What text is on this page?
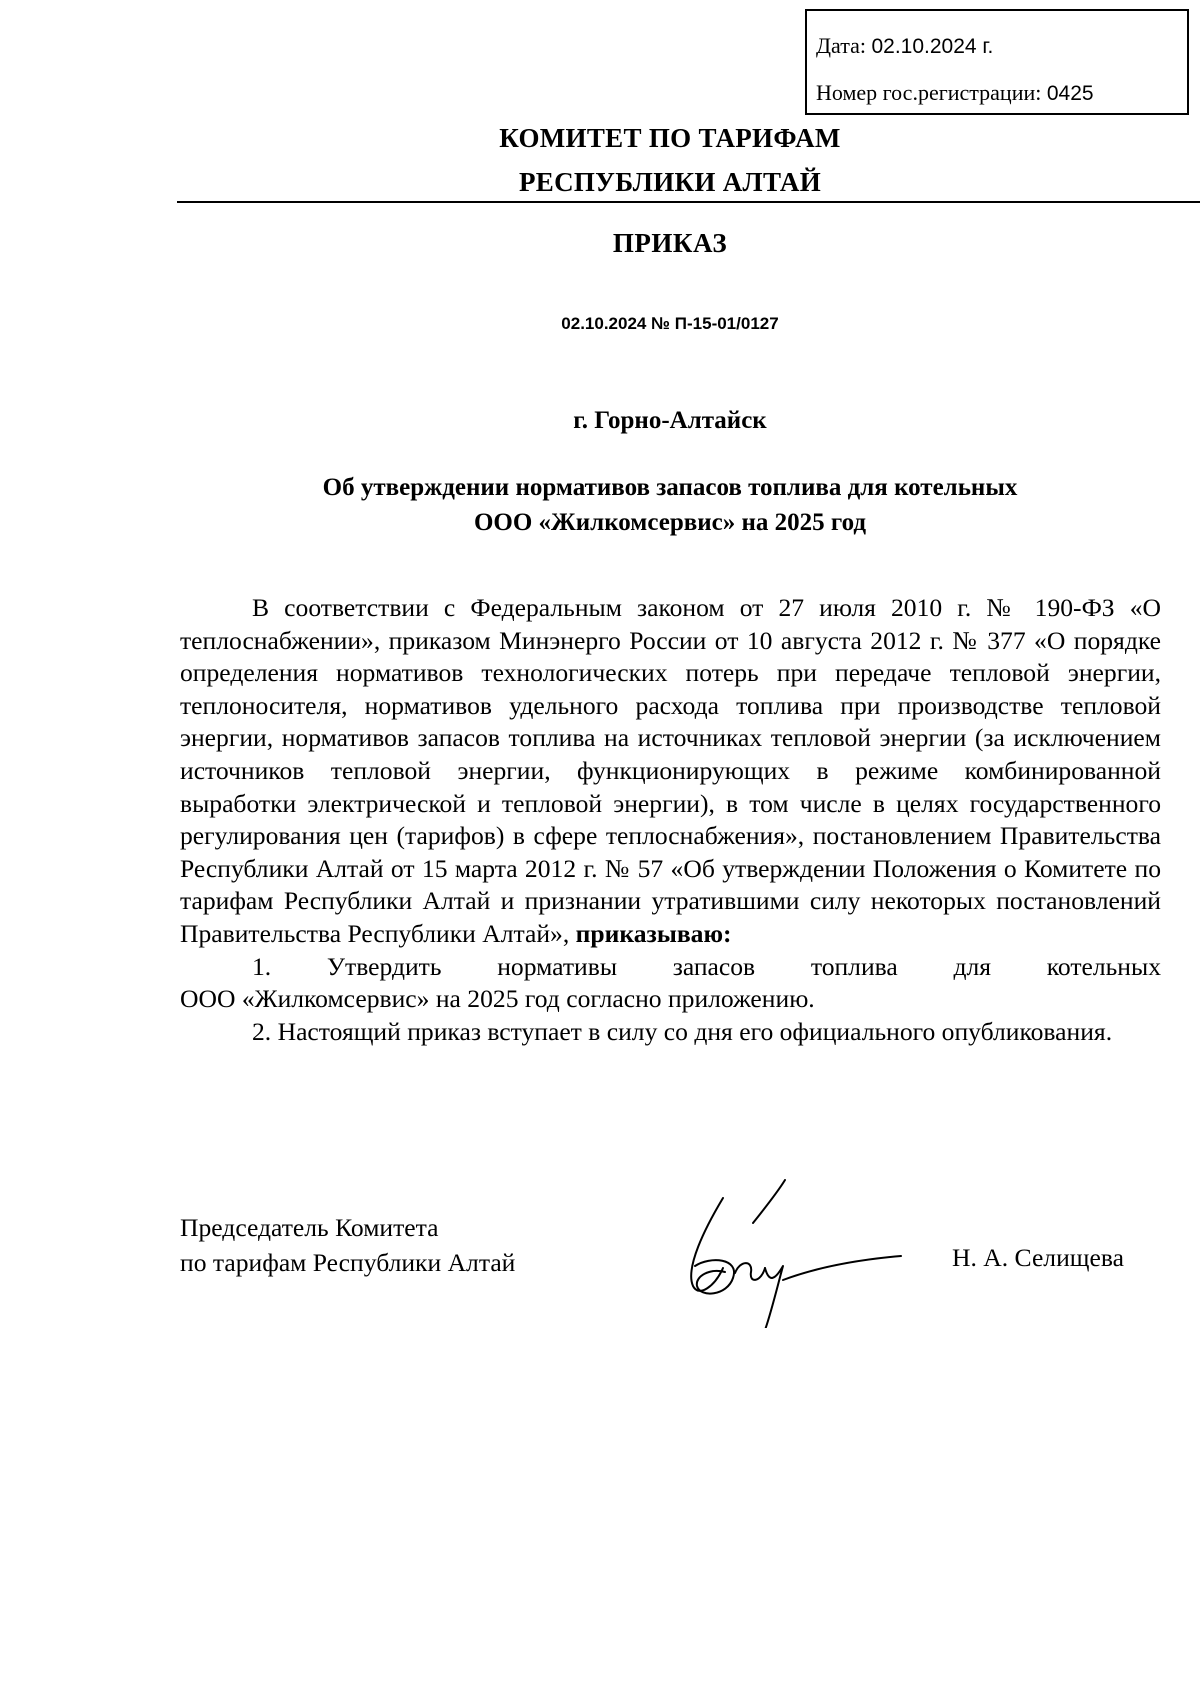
Дата: 02.10.2024 г.
Номер гос.регистрации: 0425
КОМИТЕТ ПО ТАРИФАМ
РЕСПУБЛИКИ АЛТАЙ
ПРИКАЗ
02.10.2024 № П-15-01/0127
г. Горно-Алтайск
Об утверждении нормативов запасов топлива для котельных
ООО «Жилкомсервис» на 2025 год

В соответствии с Федеральным законом от 27 июля 2010 г. № 190-ФЗ «О теплоснабжении», приказом Минэнерго России от 10 августа 2012 г. № 377 «О порядке определения нормативов технологических потерь при передаче тепловой энергии, теплоносителя, нормативов удельного расхода топлива при производстве тепловой энергии, нормативов запасов топлива на источниках тепловой энергии (за исключением источников тепловой энергии, функционирующих в режиме комбинированной выработки электрической и тепловой энергии), в том числе в целях государственного регулирования цен (тарифов) в сфере теплоснабжения», постановлением Правительства Республики Алтай от 15 марта 2012 г. № 57 «Об утверждении Положения о Комитете по тарифам Республики Алтай и признании утратившими силу некоторых постановлений Правительства Республики Алтай», приказываю:

1. Утвердить нормативы запасов топлива для котельных

ООО «Жилкомсервис» на 2025 год согласно приложению.

2. Настоящий приказ вступает в силу со дня его официального опубликования.

Председатель Комитета
по тарифам Республики Алтай	Н. А. Селищева
